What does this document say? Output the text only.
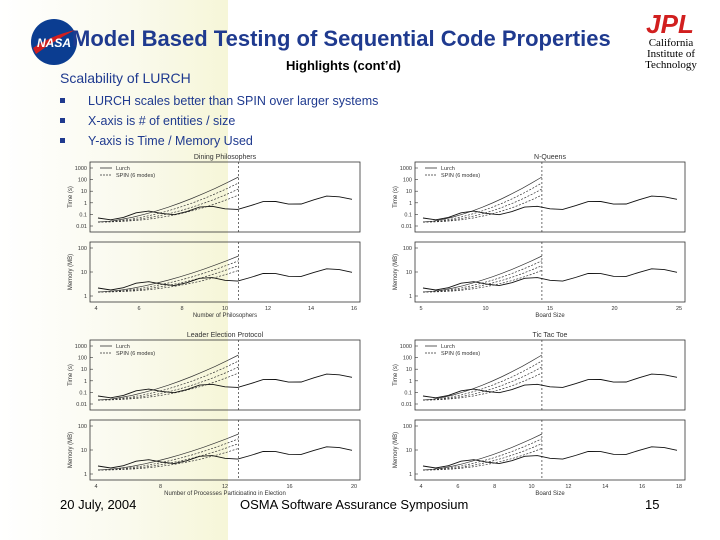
NASA Model Based Testing of Sequential Code Properties JPL
California
Institute of
Technology
Highlights (cont’d)
Scalability of LURCH
LURCH scales better than SPIN over larger systems
X-axis is # of entities / size
Y-axis is Time / Memory Used
Dining Philosophers
Time (s)
1000
100
10
1
0.1
0.01
Lurch
SPIN (6 modes)
N-Queens
Time (s)
1000
100
10
1
0.1
0.01
Lurch
SPIN (6 modes)
Memory (MB)
100
10
1
4	6	8	10	12	14	16
Number of Philosophers
Memory (MB)
100
10
1
5	10	15	20	25
Board Size
Leader Election Protocol
Time (s)
1000
100
10
1
0.1
0.01
Lurch
SPIN (6 modes)
Tic Tac Toe
Time (s)
1000
100
10
1
0.1
0.01
Lurch
SPIN (6 modes)
Memory (MB)
100
10
1
4	8	12	16	20
Number of Processes Participating in Election
Memory (MB)
100
10
1
4	6	8	10	12	14	16	18
Board Size
20 July, 2004	OSMA Software Assurance Symposium	15
